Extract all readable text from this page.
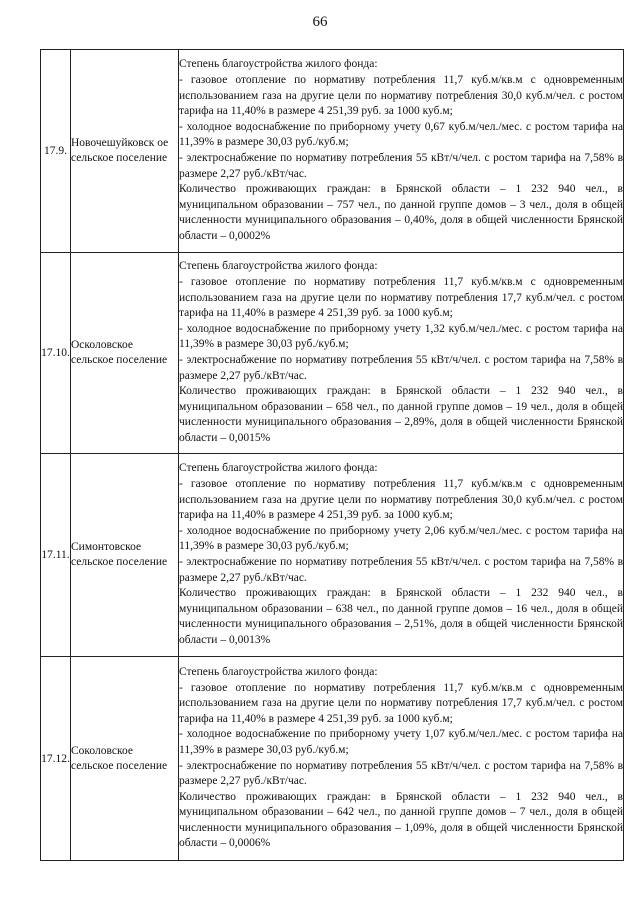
66
17.9.	Новочешуйковск ое сельское поселение	Степень благоустройства жилого фонда:
- газовое отопление по нормативу потребления 11,7 куб.м/кв.м с одновременным использованием газа на другие цели по нормативу потребления 30,0 куб.м/чел. с ростом тарифа на 11,40% в размере 4 251,39 руб. за 1000 куб.м;
- холодное водоснабжение по приборному учету 0,67 куб.м/чел./мес. с ростом тарифа на 11,39% в размере 30,03 руб./куб.м;
- электроснабжение по нормативу потребления 55 кВт/ч/чел. с ростом тарифа на 7,58% в размере 2,27 руб./кВт/час.
Количество проживающих граждан: в Брянской области – 1 232 940 чел., в муниципальном образовании – 757 чел., по данной группе домов – 3 чел., доля в общей численности муниципального образования – 0,40%, доля в общей численности Брянской области – 0,0002%

17.10.	Осколовское сельское поселение	Степень благоустройства жилого фонда:
- газовое отопление по нормативу потребления 11,7 куб.м/кв.м с одновременным использованием газа на другие цели по нормативу потребления 17,7 куб.м/чел. с ростом тарифа на 11,40% в размере 4 251,39 руб. за 1000 куб.м;
- холодное водоснабжение по приборному учету 1,32 куб.м/чел./мес. с ростом тарифа на 11,39% в размере 30,03 руб./куб.м;
- электроснабжение по нормативу потребления 55 кВт/ч/чел. с ростом тарифа на 7,58% в размере 2,27 руб./кВт/час.
Количество проживающих граждан: в Брянской области – 1 232 940 чел., в муниципальном образовании – 658 чел., по данной группе домов – 19 чел., доля в общей численности муниципального образования – 2,89%, доля в общей численности Брянской области – 0,0015%

17.11.	Симонтовское сельское поселение	Степень благоустройства жилого фонда:
- газовое отопление по нормативу потребления 11,7 куб.м/кв.м с одновременным использованием газа на другие цели по нормативу потребления 30,0 куб.м/чел. с ростом тарифа на 11,40% в размере 4 251,39 руб. за 1000 куб.м;
- холодное водоснабжение по приборному учету 2,06 куб.м/чел./мес. с ростом тарифа на 11,39% в размере 30,03 руб./куб.м;
- электроснабжение по нормативу потребления 55 кВт/ч/чел. с ростом тарифа на 7,58% в размере 2,27 руб./кВт/час.
Количество проживающих граждан: в Брянской области – 1 232 940 чел., в муниципальном образовании – 638 чел., по данной группе домов – 16 чел., доля в общей численности муниципального образования – 2,51%, доля в общей численности Брянской области – 0,0013%

17.12.	Соколовское сельское поселение	Степень благоустройства жилого фонда:
- газовое отопление по нормативу потребления 11,7 куб.м/кв.м с одновременным использованием газа на другие цели по нормативу потребления 17,7 куб.м/чел. с ростом тарифа на 11,40% в размере 4 251,39 руб. за 1000 куб.м;
- холодное водоснабжение по приборному учету 1,07 куб.м/чел./мес. с ростом тарифа на 11,39% в размере 30,03 руб./куб.м;
- электроснабжение по нормативу потребления 55 кВт/ч/чел. с ростом тарифа на 7,58% в размере 2,27 руб./кВт/час.
Количество проживающих граждан: в Брянской области – 1 232 940 чел., в муниципальном образовании – 642 чел., по данной группе домов – 7 чел., доля в общей численности муниципального образования – 1,09%, доля в общей численности Брянской области – 0,0006%
